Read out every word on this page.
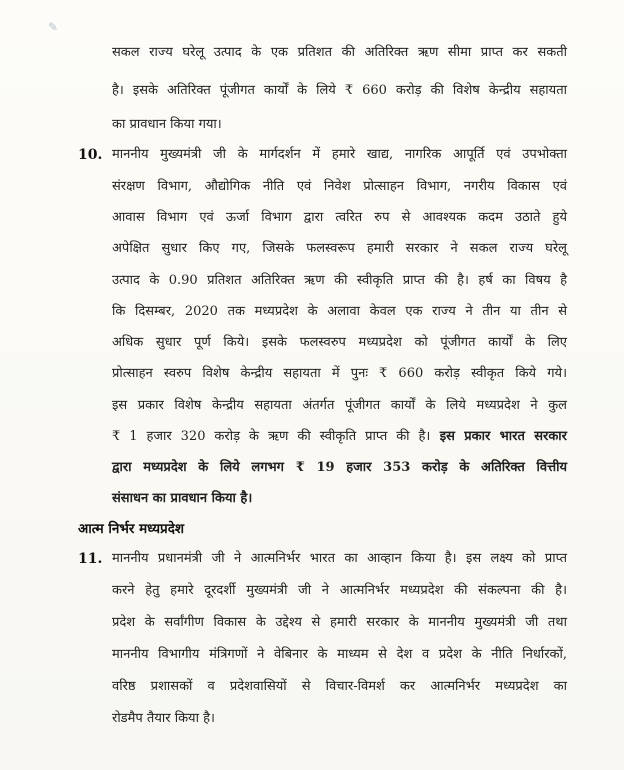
✎
सकल राज्य घरेलू उत्पाद के एक प्रतिशत की अतिरिक्त ऋण सीमा प्राप्त कर सकती
है। इसके अतिरिक्त पूंजीगत कार्यों के लिये ₹ 660 करोड़ की विशेष केन्द्रीय सहायता
का प्रावधान किया गया।
10. माननीय मुख्यमंत्री जी के मार्गदर्शन में हमारे खाद्य, नागरिक आपूर्ति एवं उपभोक्ता
संरक्षण विभाग, औद्योगिक नीति एवं निवेश प्रोत्साहन विभाग, नगरीय विकास एवं
आवास विभाग एवं ऊर्जा विभाग द्वारा त्वरित रुप से आवश्यक कदम उठाते हुये
अपेक्षित सुधार किए गए, जिसके फलस्वरूप हमारी सरकार ने सकल राज्य घरेलू
उत्पाद के 0.90 प्रतिशत अतिरिक्त ऋण की स्वीकृति प्राप्त की है। हर्ष का विषय है
कि दिसम्बर, 2020 तक मध्यप्रदेश के अलावा केवल एक राज्य ने तीन या तीन से
अधिक सुधार पूर्ण किये। इसके फलस्वरुप मध्यप्रदेश को पूंजीगत कार्यों के लिए
प्रोत्साहन स्वरुप विशेष केन्द्रीय सहायता में पुनः ₹ 660 करोड़ स्वीकृत किये गये।
इस प्रकार विशेष केन्द्रीय सहायता अंतर्गत पूंजीगत कार्यों के लिये मध्यप्रदेश ने कुल
₹ 1 हजार 320 करोड़ के ऋण की स्वीकृति प्राप्त की है। इस प्रकार भारत सरकार
द्वारा मध्यप्रदेश के लिये लगभग ₹ 19 हजार 353 करोड़ के अतिरिक्त वित्तीय
संसाधन का प्रावधान किया है।
आत्म निर्भर मध्यप्रदेश
11. माननीय प्रधानमंत्री जी ने आत्मनिर्भर भारत का आव्हान किया है। इस लक्ष्य को प्राप्त
करने हेतु हमारे दूरदर्शी मुख्यमंत्री जी ने आत्मनिर्भर मध्यप्रदेश की संकल्पना की है।
प्रदेश के सर्वांगीण विकास के उद्देश्य से हमारी सरकार के माननीय मुख्यमंत्री जी तथा
माननीय विभागीय मंत्रिगणों ने वेबिनार के माध्यम से देश व प्रदेश के नीति निर्धारकों,
वरिष्ठ प्रशासकों व प्रदेशवासियों से विचार-विमर्श कर आत्मनिर्भर मध्यप्रदेश का
रोडमैप तैयार किया है।
